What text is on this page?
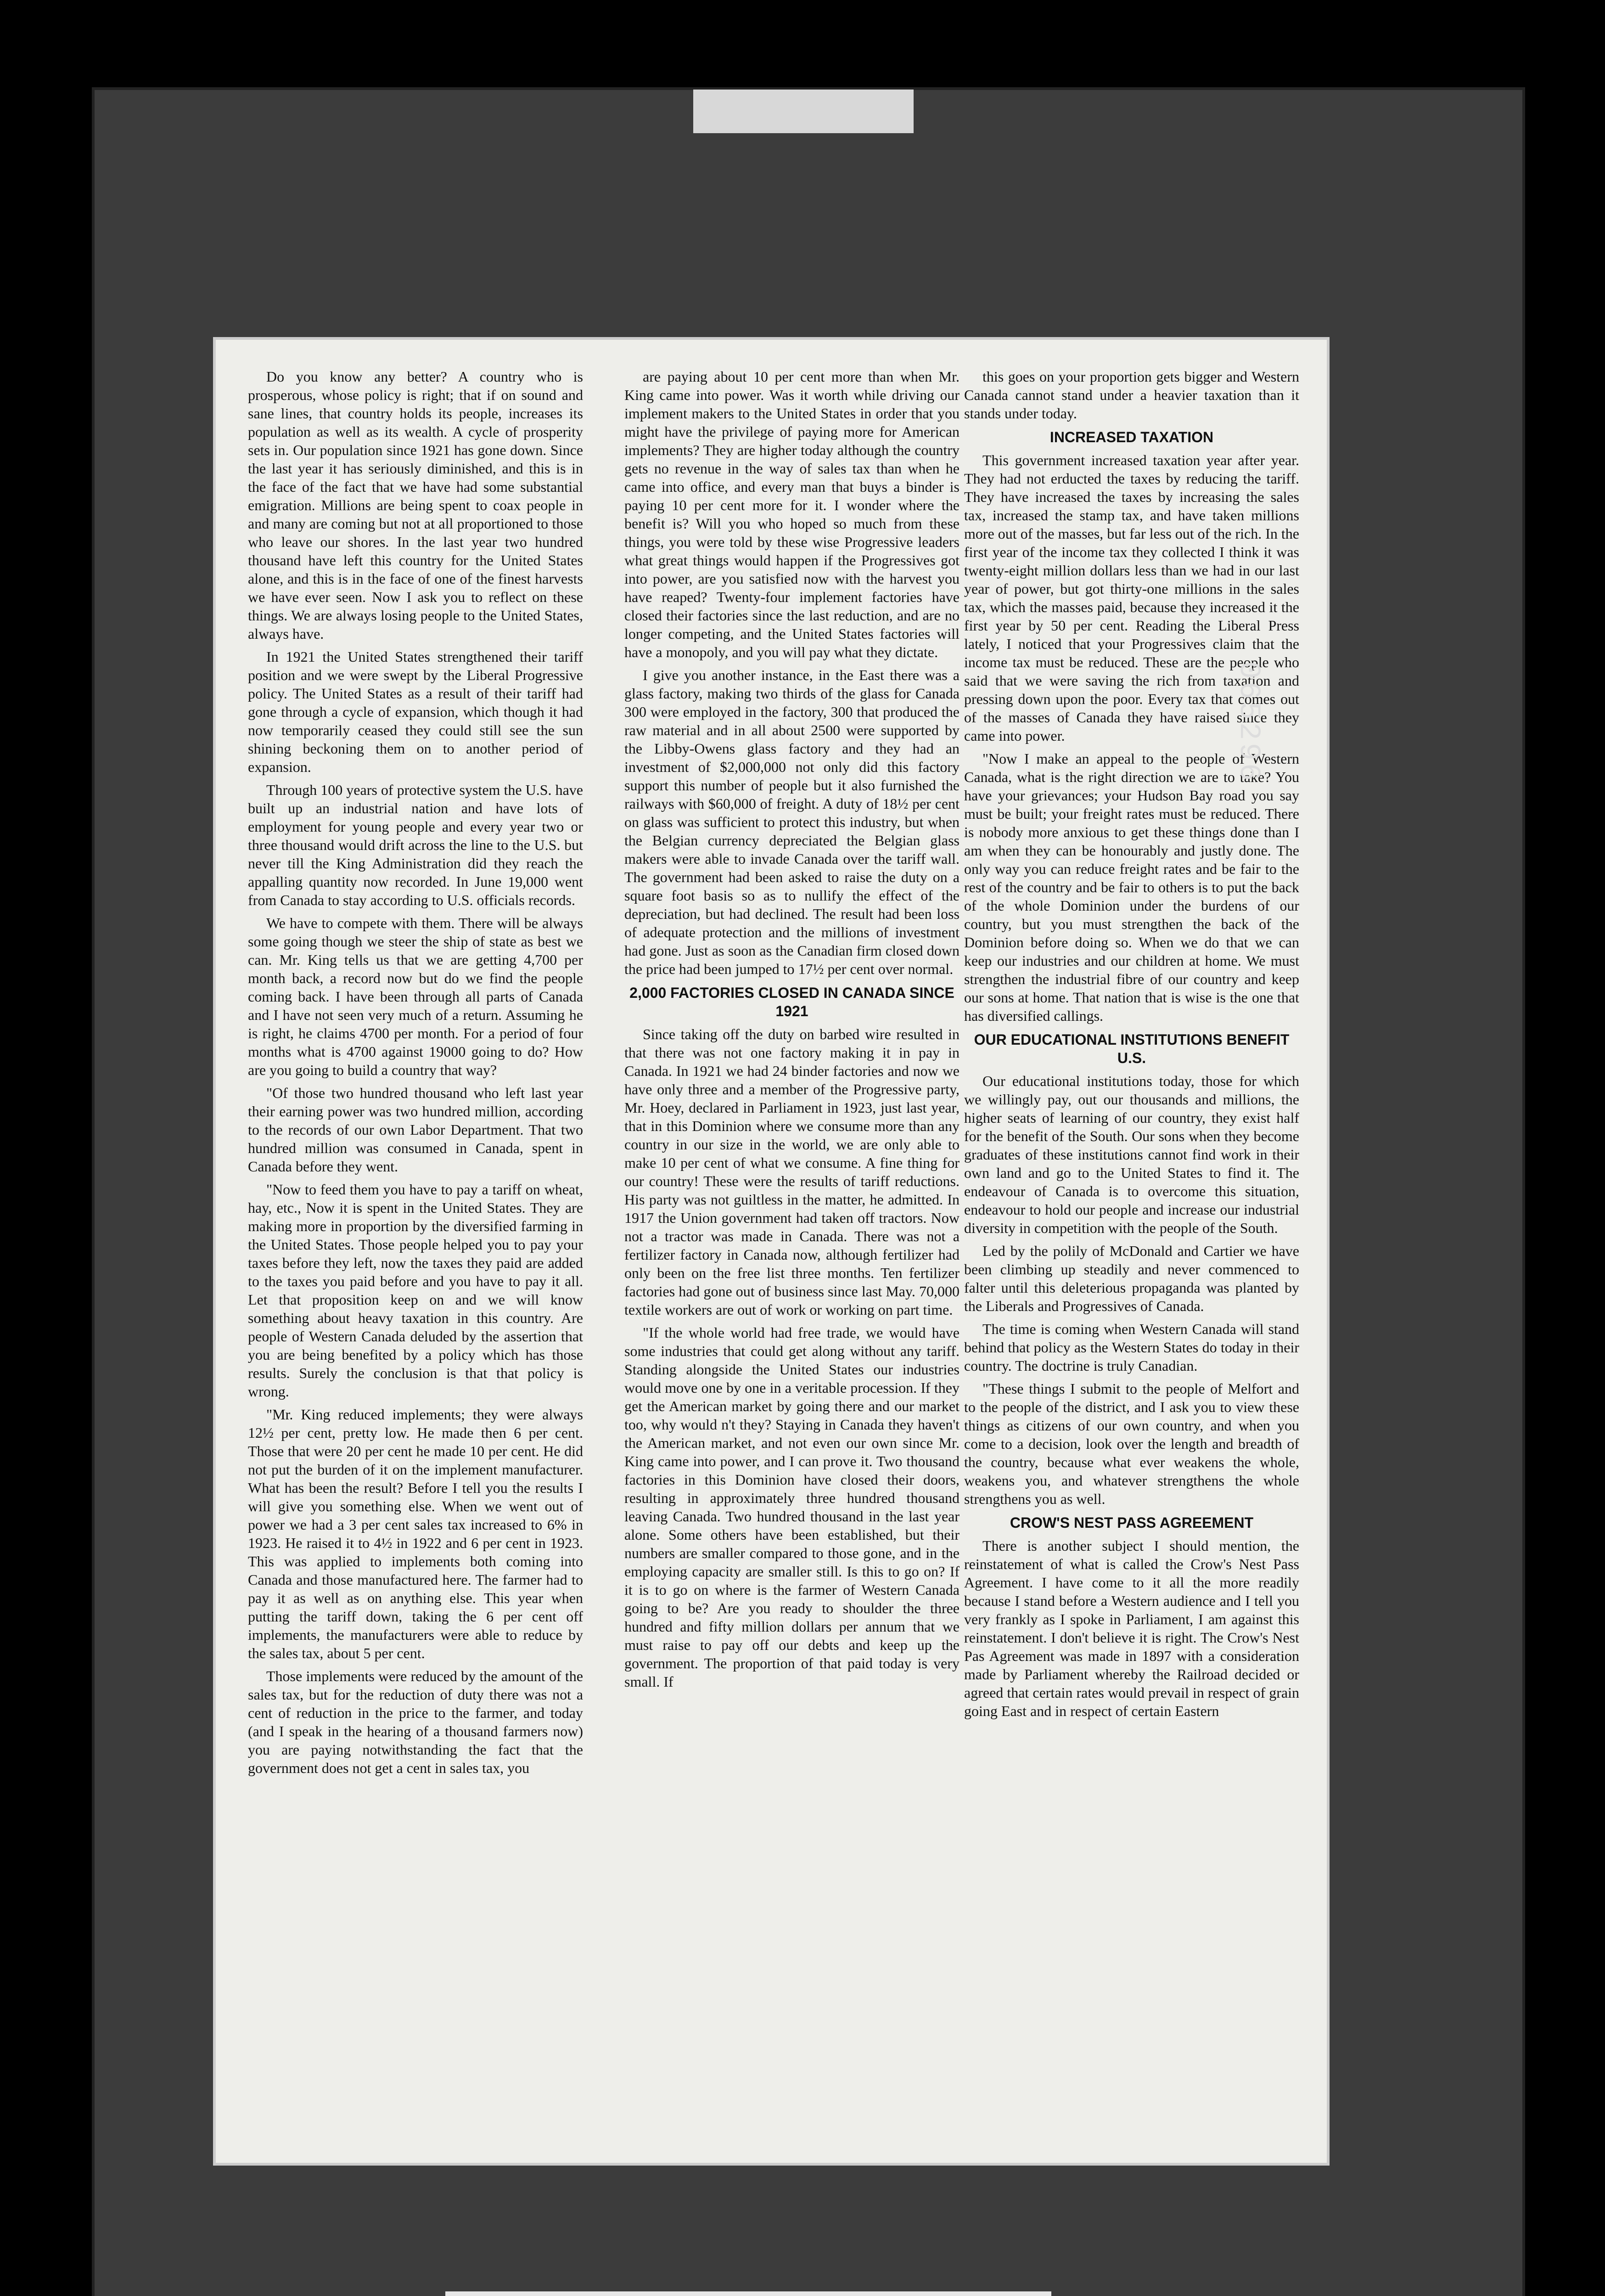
Do you know any better? A country who is prosperous, whose policy is right; that if on sound and sane lines, that country holds its people, increases its population as well as its wealth. A cycle of prosperity sets in. Our population since 1921 has gone down. Since the last year it has seriously diminished, and this is in the face of the fact that we have had some substantial emigration. Millions are being spent to coax people in and many are coming but not at all proportioned to those who leave our shores. In the last year two hundred thousand have left this country for the United States alone, and this is in the face of one of the finest harvests we have ever seen. Now I ask you to reflect on these things. We are always losing people to the United States, always have.

In 1921 the United States strengthened their tariff position and we were swept by the Liberal Progressive policy. The United States as a result of their tariff had gone through a cycle of expansion, which though it had now temporarily ceased they could still see the sun shining beckoning them on to another period of expansion.

Through 100 years of protective system the U.S. have built up an industrial nation and have lots of employment for young people and every year two or three thousand would drift across the line to the U.S. but never till the King Administration did they reach the appalling quantity now recorded. In June 19,000 went from Canada to stay according to U.S. officials records.

We have to compete with them. There will be always some going though we steer the ship of state as best we can. Mr. King tells us that we are getting 4,700 per month back, a record now but do we find the people coming back. I have been through all parts of Canada and I have not seen very much of a return. Assuming he is right, he claims 4700 per month. For a period of four months what is 4700 against 19000 going to do? How are you going to build a country that way?

"Of those two hundred thousand who left last year their earning power was two hundred million, according to the records of our own Labor Department. That two hundred million was consumed in Canada, spent in Canada before they went.

"Now to feed them you have to pay a tariff on wheat, hay, etc., Now it is spent in the United States. They are making more in proportion by the diversified farming in the United States. Those people helped you to pay your taxes before they left, now the taxes they paid are added to the taxes you paid before and you have to pay it all. Let that proposition keep on and we will know something about heavy taxation in this country. Are people of Western Canada deluded by the assertion that you are being benefited by a policy which has those results. Surely the conclusion is that that policy is wrong.

"Mr. King reduced implements; they were always 12½ per cent, pretty low. He made then 6 per cent. Those that were 20 per cent he made 10 per cent. He did not put the burden of it on the implement manufacturer. What has been the result? Before I tell you the results I will give you something else. When we went out of power we had a 3 per cent sales tax increased to 6% in 1923. He raised it to 4½ in 1922 and 6 per cent in 1923. This was applied to implements both coming into Canada and those manufactured here. The farmer had to pay it as well as on anything else. This year when putting the tariff down, taking the 6 per cent off implements, the manufacturers were able to reduce by the sales tax, about 5 per cent.

Those implements were reduced by the amount of the sales tax, but for the reduction of duty there was not a cent of reduction in the price to the farmer, and today (and I speak in the hearing of a thousand farmers now) you are paying notwithstanding the fact that the government does not get a cent in sales tax, you

are paying about 10 per cent more than when Mr. King came into power. Was it worth while driving our implement makers to the United States in order that you might have the privilege of paying more for American implements? They are higher today although the country gets no revenue in the way of sales tax than when he came into office, and every man that buys a binder is paying 10 per cent more for it. I wonder where the benefit is? Will you who hoped so much from these things, you were told by these wise Progressive leaders what great things would happen if the Progressives got into power, are you satisfied now with the harvest you have reaped? Twenty-four implement factories have closed their factories since the last reduction, and are no longer competing, and the United States factories will have a monopoly, and you will pay what they dictate.

I give you another instance, in the East there was a glass factory, making two thirds of the glass for Canada 300 were employed in the factory, 300 that produced the raw material and in all about 2500 were supported by the Libby-Owens glass factory and they had an investment of $2,000,000 not only did this factory support this number of people but it also furnished the railways with $60,000 of freight. A duty of 18½ per cent on glass was sufficient to protect this industry, but when the Belgian currency depreciated the Belgian glass makers were able to invade Canada over the tariff wall. The government had been asked to raise the duty on a square foot basis so as to nullify the effect of the depreciation, but had declined. The result had been loss of adequate protection and the millions of investment had gone. Just as soon as the Canadian firm closed down the price had been jumped to 17½ per cent over normal.

2,000 FACTORIES CLOSED IN CANADA SINCE 1921

Since taking off the duty on barbed wire resulted in that there was not one factory making it in pay in Canada. In 1921 we had 24 binder factories and now we have only three and a member of the Progressive party, Mr. Hoey, declared in Parliament in 1923, just last year, that in this Dominion where we consume more than any country in our size in the world, we are only able to make 10 per cent of what we consume. A fine thing for our country! These were the results of tariff reductions. His party was not guiltless in the matter, he admitted. In 1917 the Union government had taken off tractors. Now not a tractor was made in Canada. There was not a fertilizer factory in Canada now, although fertilizer had only been on the free list three months. Ten fertilizer factories had gone out of business since last May. 70,000 textile workers are out of work or working on part time.

"If the whole world had free trade, we would have some industries that could get along without any tariff. Standing alongside the United States our industries would move one by one in a veritable procession. If they get the American market by going there and our market too, why would n't they? Staying in Canada they haven't the American market, and not even our own since Mr. King came into power, and I can prove it. Two thousand factories in this Dominion have closed their doors, resulting in approximately three hundred thousand leaving Canada. Two hundred thousand in the last year alone. Some others have been established, but their numbers are smaller compared to those gone, and in the employing capacity are smaller still. Is this to go on? If it is to go on where is the farmer of Western Canada going to be? Are you ready to shoulder the three hundred and fifty million dollars per annum that we must raise to pay off our debts and keep up the government. The proportion of that paid today is very small. If

this goes on your proportion gets bigger and Western Canada cannot stand under a heavier taxation than it stands under today.

INCREASED TAXATION

This government increased taxation year after year. They had not erducted the taxes by reducing the tariff. They have increased the taxes by increasing the sales tax, increased the stamp tax, and have taken millions more out of the masses, but far less out of the rich. In the first year of the income tax they collected I think it was twenty-eight million dollars less than we had in our last year of power, but got thirty-one millions in the sales tax, which the masses paid, because they increased it the first year by 50 per cent. Reading the Liberal Press lately, I noticed that your Progressives claim that the income tax must be reduced. These are the people who said that we were saving the rich from taxation and pressing down upon the poor. Every tax that comes out of the masses of Canada they have raised since they came into power.

"Now I make an appeal to the people of Western Canada, what is the right direction we are to take? You have your grievances; your Hudson Bay road you say must be built; your freight rates must be reduced. There is nobody more anxious to get these things done than I am when they can be honourably and justly done. The only way you can reduce freight rates and be fair to the rest of the country and be fair to others is to put the back of the whole Dominion under the burdens of our country, but you must strengthen the back of the Dominion before doing so. When we do that we can keep our industries and our children at home. We must strengthen the industrial fibre of our country and keep our sons at home. That nation that is wise is the one that has diversified callings.

OUR EDUCATIONAL INSTITUTIONS BENEFIT U.S.

Our educational institutions today, those for which we willingly pay, out our thousands and millions, the higher seats of learning of our country, they exist half for the benefit of the South. Our sons when they become graduates of these institutions cannot find work in their own land and go to the United States to find it. The endeavour of Canada is to overcome this situation, endeavour to hold our people and increase our industrial diversity in competition with the people of the South.

Led by the polily of McDonald and Cartier we have been climbing up steadily and never commenced to falter until this deleterious propaganda was planted by the Liberals and Progressives of Canada.

The time is coming when Western Canada will stand behind that policy as the Western States do today in their country. The doctrine is truly Canadian.

"These things I submit to the people of Melfort and to the people of the district, and I ask you to view these things as citizens of our own country, and when you come to a decision, look over the length and breadth of the country, because what ever weakens the whole, weakens you, and whatever strengthens the whole strengthens you as well.

CROW'S NEST PASS AGREEMENT

There is another subject I should mention, the reinstatement of what is called the Crow's Nest Pass Agreement. I have come to it all the more readily because I stand before a Western audience and I tell you very frankly as I spoke in Parliament, I am against this reinstatement. I don't believe it is right. The Crow's Nest Pas Agreement was made in 1897 with a consideration made by Parliament whereby the Railroad decided or agreed that certain rates would prevail in respect of grain going East and in respect of certain Eastern

065296
